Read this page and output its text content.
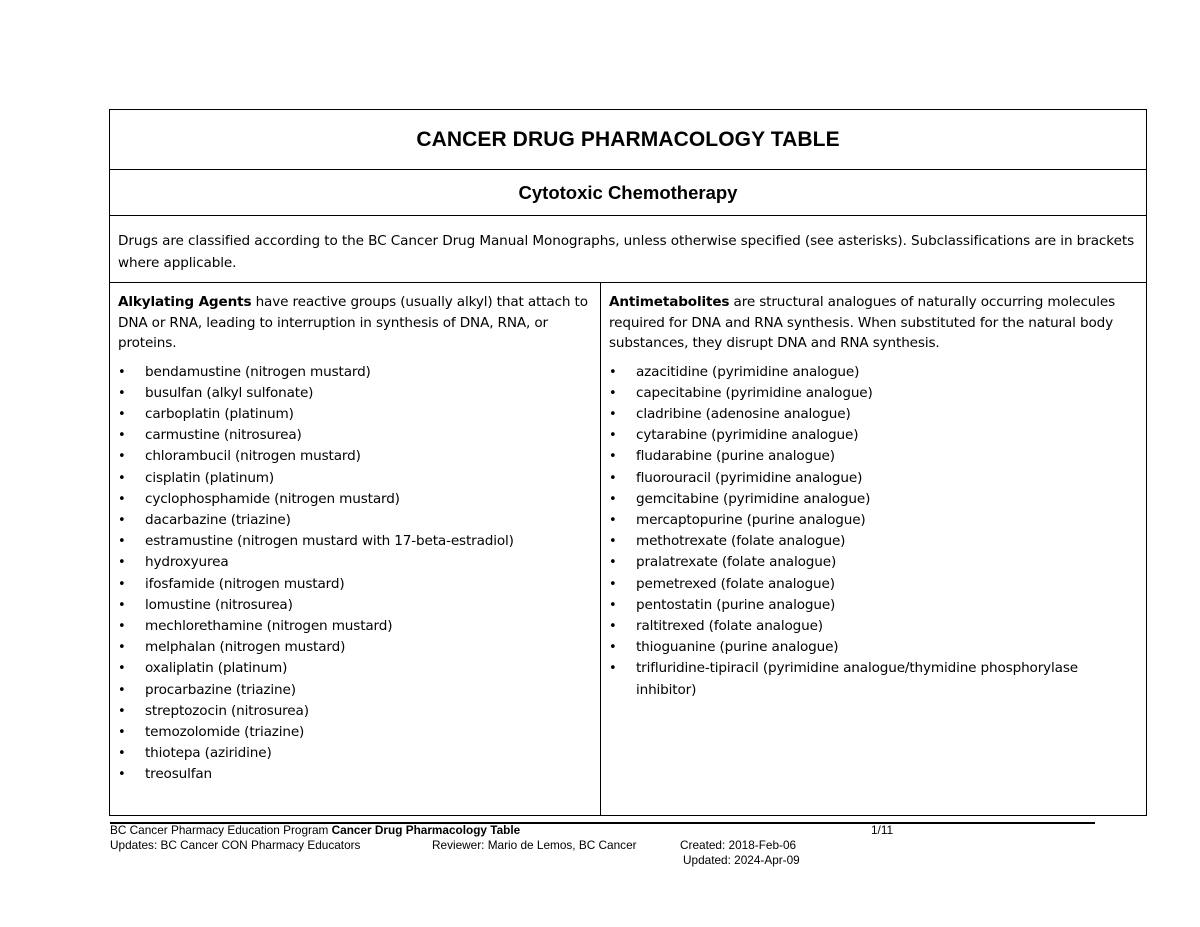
CANCER DRUG PHARMACOLOGY TABLE
Cytotoxic Chemotherapy

Drugs are classified according to the BC Cancer Drug Manual Monographs, unless otherwise specified (see asterisks). Subclassifications are in brackets where applicable.

Alkylating Agents have reactive groups (usually alkyl) that attach to DNA or RNA, leading to interruption in synthesis of DNA, RNA, or proteins.

• bendamustine (nitrogen mustard)
• busulfan (alkyl sulfonate)
• carboplatin (platinum)
• carmustine (nitrosurea)
• chlorambucil (nitrogen mustard)
• cisplatin (platinum)
• cyclophosphamide (nitrogen mustard)
• dacarbazine (triazine)
• estramustine (nitrogen mustard with 17-beta-estradiol)
• hydroxyurea
• ifosfamide (nitrogen mustard)
• lomustine (nitrosurea)
• mechlorethamine (nitrogen mustard)
• melphalan (nitrogen mustard)
• oxaliplatin (platinum)
• procarbazine (triazine)
• streptozocin (nitrosurea)
• temozolomide (triazine)
• thiotepa (aziridine)
• treosulfan

Antimetabolites are structural analogues of naturally occurring molecules required for DNA and RNA synthesis. When substituted for the natural body substances, they disrupt DNA and RNA synthesis.

• azacitidine (pyrimidine analogue)
• capecitabine (pyrimidine analogue)
• cladribine (adenosine analogue)
• cytarabine (pyrimidine analogue)
• fludarabine (purine analogue)
• fluorouracil (pyrimidine analogue)
• gemcitabine (pyrimidine analogue)
• mercaptopurine (purine analogue)
• methotrexate (folate analogue)
• pralatrexate (folate analogue)
• pemetrexed (folate analogue)
• pentostatin (purine analogue)
• raltitrexed (folate analogue)
• thioguanine (purine analogue)
• trifluridine-tipiracil (pyrimidine analogue/thymidine phosphorylase inhibitor)
BC Cancer Pharmacy Education Program Cancer Drug Pharmacology Table	1/11
Updates: BC Cancer CON Pharmacy Educators	Reviewer: Mario de Lemos, BC Cancer	Created: 2018-Feb-06
Updated: 2024-Apr-09
